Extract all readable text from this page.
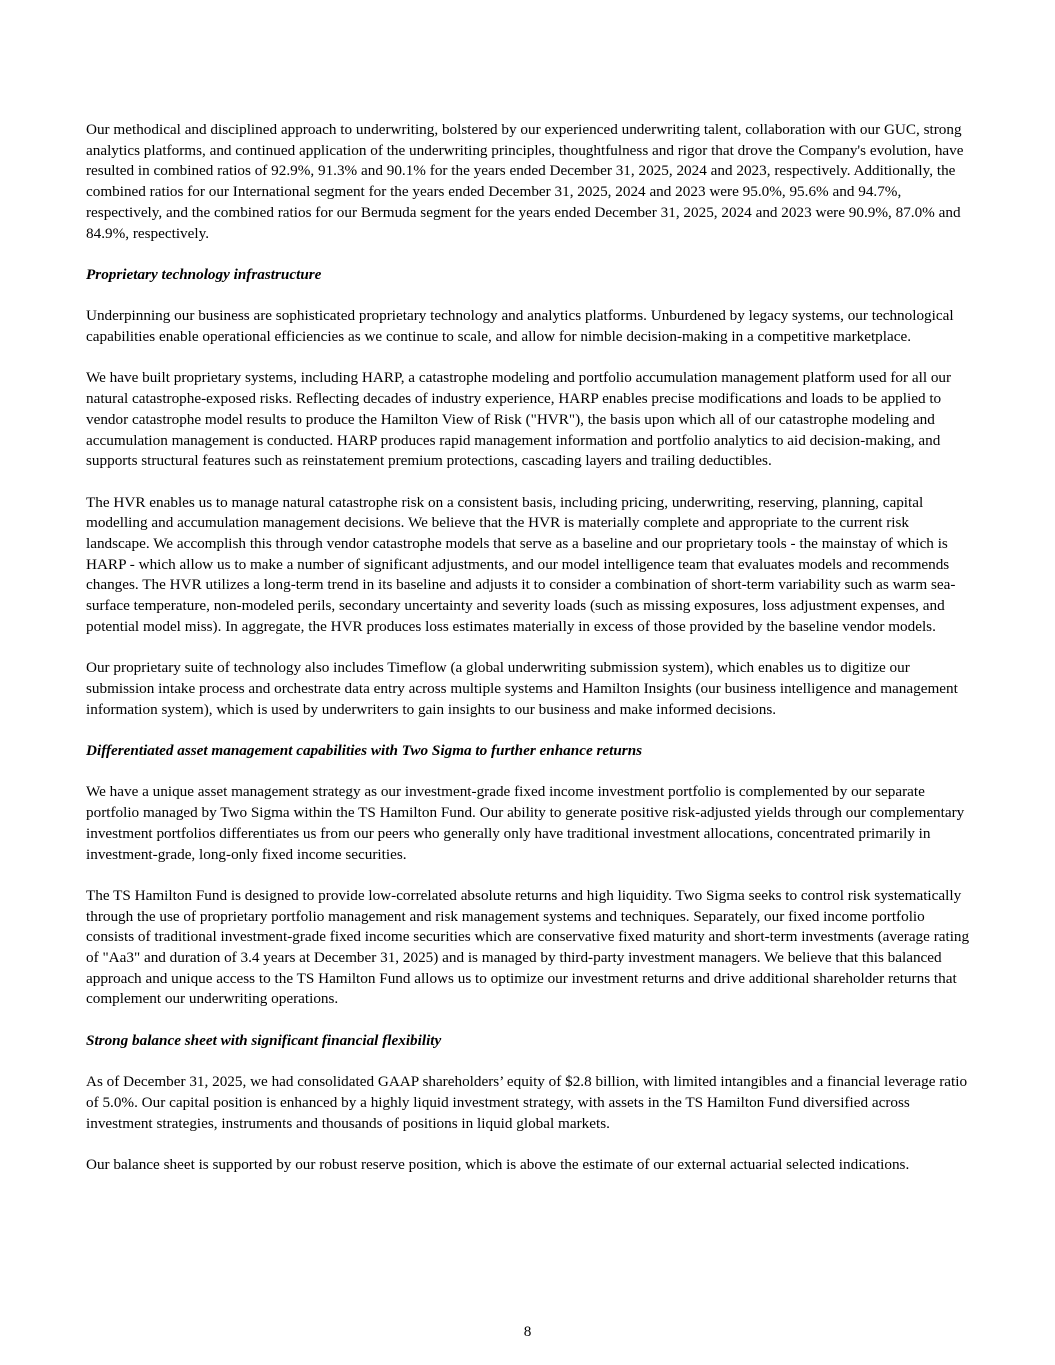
Our methodical and disciplined approach to underwriting, bolstered by our experienced underwriting talent, collaboration with our GUC, strong analytics platforms, and continued application of the underwriting principles, thoughtfulness and rigor that drove the Company's evolution, have resulted in combined ratios of 92.9%, 91.3% and 90.1% for the years ended December 31, 2025, 2024 and 2023, respectively. Additionally, the combined ratios for our International segment for the years ended December 31, 2025, 2024 and 2023 were 95.0%, 95.6% and 94.7%, respectively, and the combined ratios for our Bermuda segment for the years ended December 31, 2025, 2024 and 2023 were 90.9%, 87.0% and 84.9%, respectively.

Proprietary technology infrastructure

Underpinning our business are sophisticated proprietary technology and analytics platforms. Unburdened by legacy systems, our technological capabilities enable operational efficiencies as we continue to scale, and allow for nimble decision-making in a competitive marketplace.

We have built proprietary systems, including HARP, a catastrophe modeling and portfolio accumulation management platform used for all our natural catastrophe-exposed risks. Reflecting decades of industry experience, HARP enables precise modifications and loads to be applied to vendor catastrophe model results to produce the Hamilton View of Risk ("HVR"), the basis upon which all of our catastrophe modeling and accumulation management is conducted. HARP produces rapid management information and portfolio analytics to aid decision-making, and supports structural features such as reinstatement premium protections, cascading layers and trailing deductibles.

The HVR enables us to manage natural catastrophe risk on a consistent basis, including pricing, underwriting, reserving, planning, capital modelling and accumulation management decisions. We believe that the HVR is materially complete and appropriate to the current risk landscape. We accomplish this through vendor catastrophe models that serve as a baseline and our proprietary tools - the mainstay of which is HARP - which allow us to make a number of significant adjustments, and our model intelligence team that evaluates models and recommends changes. The HVR utilizes a long-term trend in its baseline and adjusts it to consider a combination of short-term variability such as warm sea-surface temperature, non-modeled perils, secondary uncertainty and severity loads (such as missing exposures, loss adjustment expenses, and potential model miss). In aggregate, the HVR produces loss estimates materially in excess of those provided by the baseline vendor models.

Our proprietary suite of technology also includes Timeflow (a global underwriting submission system), which enables us to digitize our submission intake process and orchestrate data entry across multiple systems and Hamilton Insights (our business intelligence and management information system), which is used by underwriters to gain insights to our business and make informed decisions.

Differentiated asset management capabilities with Two Sigma to further enhance returns

We have a unique asset management strategy as our investment-grade fixed income investment portfolio is complemented by our separate portfolio managed by Two Sigma within the TS Hamilton Fund. Our ability to generate positive risk-adjusted yields through our complementary investment portfolios differentiates us from our peers who generally only have traditional investment allocations, concentrated primarily in investment-grade, long-only fixed income securities.

The TS Hamilton Fund is designed to provide low-correlated absolute returns and high liquidity. Two Sigma seeks to control risk systematically through the use of proprietary portfolio management and risk management systems and techniques. Separately, our fixed income portfolio consists of traditional investment-grade fixed income securities which are conservative fixed maturity and short-term investments (average rating of "Aa3" and duration of 3.4 years at December 31, 2025) and is managed by third-party investment managers. We believe that this balanced approach and unique access to the TS Hamilton Fund allows us to optimize our investment returns and drive additional shareholder returns that complement our underwriting operations.

Strong balance sheet with significant financial flexibility

As of December 31, 2025, we had consolidated GAAP shareholders’ equity of $2.8 billion, with limited intangibles and a financial leverage ratio of 5.0%. Our capital position is enhanced by a highly liquid investment strategy, with assets in the TS Hamilton Fund diversified across investment strategies, instruments and thousands of positions in liquid global markets.

Our balance sheet is supported by our robust reserve position, which is above the estimate of our external actuarial selected indications.

8
